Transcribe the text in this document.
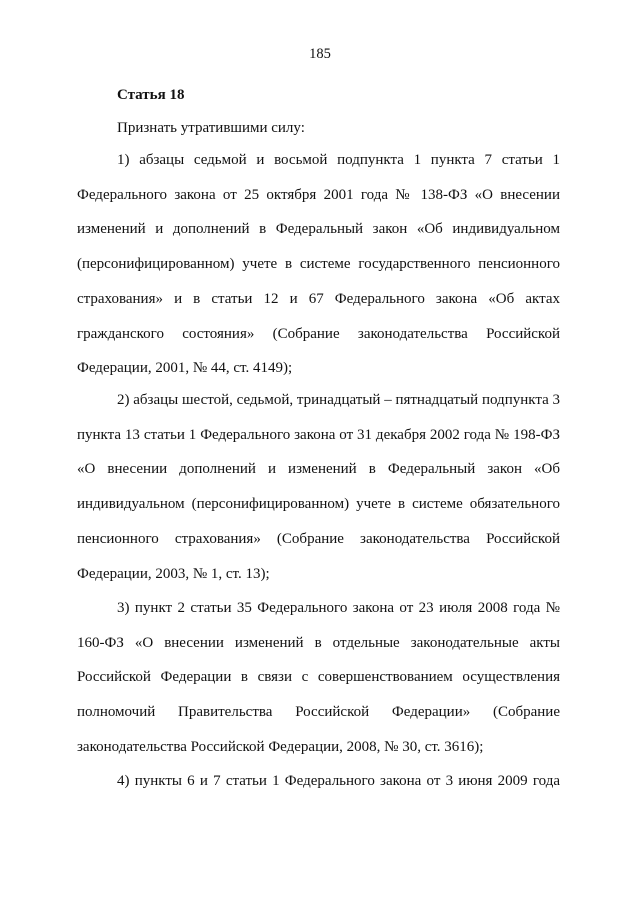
185
Статья 18
Признать утратившими силу:

1) абзацы седьмой и восьмой подпункта 1 пункта 7 статьи 1 Федерального закона от 25 октября 2001 года № 138-ФЗ «О внесении изменений и дополнений в Федеральный закон «Об индивидуальном (персонифицированном) учете в системе государственного пенсионного страхования» и в статьи 12 и 67 Федерального закона «Об актах гражданского состояния» (Собрание законодательства Российской Федерации, 2001, № 44, ст. 4149);

2) абзацы шестой, седьмой, тринадцатый – пятнадцатый подпункта 3 пункта 13 статьи 1 Федерального закона от 31 декабря 2002 года № 198-ФЗ «О внесении дополнений и изменений в Федеральный закон «Об индивидуальном (персонифицированном) учете в системе обязательного пенсионного страхования» (Собрание законодательства Российской Федерации, 2003, № 1, ст. 13);

3) пункт 2 статьи 35 Федерального закона от 23 июля 2008 года № 160-ФЗ «О внесении изменений в отдельные законодательные акты Российской Федерации в связи с совершенствованием осуществления полномочий Правительства Российской Федерации» (Собрание законодательства Российской Федерации, 2008, № 30, ст. 3616);

4) пункты 6 и 7 статьи 1 Федерального закона от 3 июня 2009 года
